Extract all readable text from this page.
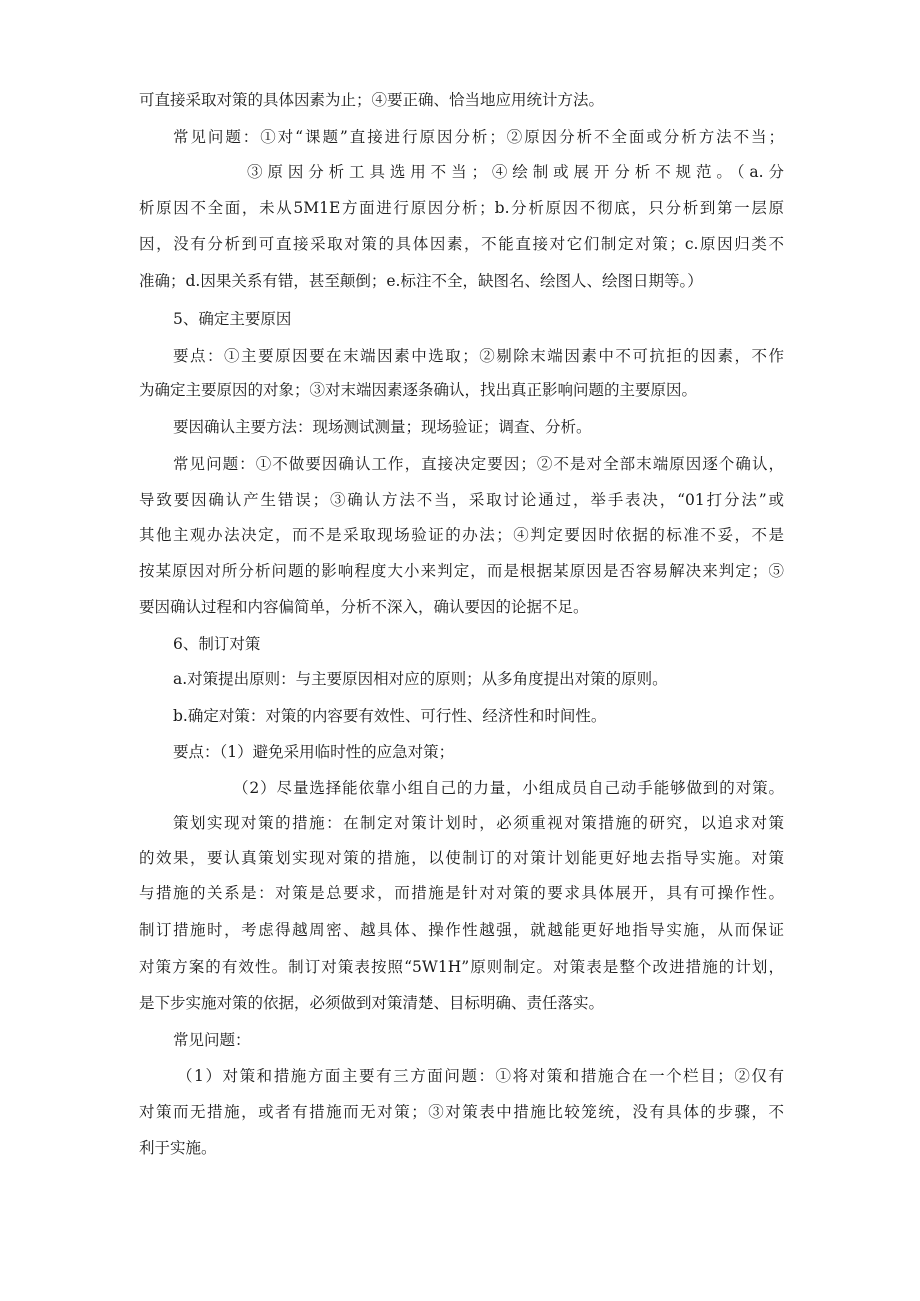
可直接采取对策的具体因素为止；④要正确、恰当地应用统计方法。

常见问题：①对“课题”直接进行原因分析；②原因分析不全面或分析方法不当；

③原因分析工具选用不当；④绘制或展开分析不规范。（a.分

析原因不全面，未从5M1E方面进行原因分析；b.分析原因不彻底，只分析到第一层原

因，没有分析到可直接采取对策的具体因素，不能直接对它们制定对策；c.原因归类不

准确；d.因果关系有错，甚至颠倒；e.标注不全，缺图名、绘图人、绘图日期等。）

5、确定主要原因

要点：①主要原因要在末端因素中选取；②剔除末端因素中不可抗拒的因素，不作

为确定主要原因的对象；③对末端因素逐条确认，找出真正影响问题的主要原因。

要因确认主要方法：现场测试测量；现场验证；调查、分析。

常见问题：①不做要因确认工作，直接决定要因；②不是对全部末端原因逐个确认，

导致要因确认产生错误；③确认方法不当，采取讨论通过，举手表决，“01打分法”或

其他主观办法决定，而不是采取现场验证的办法；④判定要因时依据的标准不妥，不是

按某原因对所分析问题的影响程度大小来判定，而是根据某原因是否容易解决来判定；⑤

要因确认过程和内容偏简单，分析不深入，确认要因的论据不足。

6、制订对策

a.对策提出原则：与主要原因相对应的原则；从多角度提出对策的原则。

b.确定对策：对策的内容要有效性、可行性、经济性和时间性。

要点：（1）避免采用临时性的应急对策；

（2）尽量选择能依靠小组自己的力量，小组成员自己动手能够做到的对策。

策划实现对策的措施：在制定对策计划时，必须重视对策措施的研究，以追求对策

的效果，要认真策划实现对策的措施，以使制订的对策计划能更好地去指导实施。对策

与措施的关系是：对策是总要求，而措施是针对对策的要求具体展开，具有可操作性。

制订措施时，考虑得越周密、越具体、操作性越强，就越能更好地指导实施，从而保证

对策方案的有效性。制订对策表按照“5W1H”原则制定。对策表是整个改进措施的计划，

是下步实施对策的依据，必须做到对策清楚、目标明确、责任落实。

常见问题：

（1）对策和措施方面主要有三方面问题：①将对策和措施合在一个栏目；②仅有

对策而无措施，或者有措施而无对策；③对策表中措施比较笼统，没有具体的步骤，不

利于实施。
